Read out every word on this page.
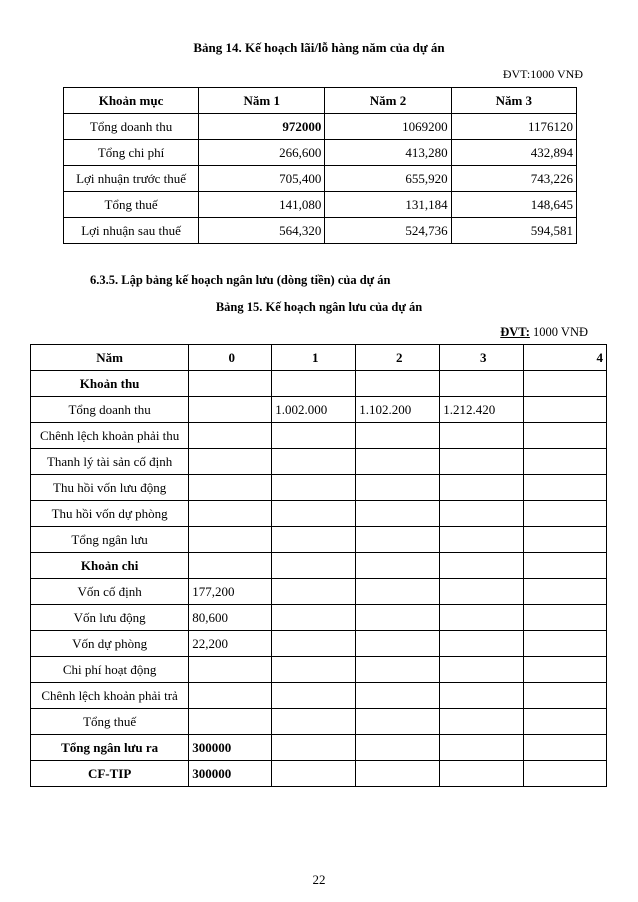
Bảng 14. Kế hoạch lãi/lỗ hàng năm của dự án
ĐVT:1000 VNĐ
Khoản mục	Năm 1	Năm 2	Năm 3
Tổng doanh thu	972000	1069200	1176120
Tổng chi phí	266,600	413,280	432,894
Lợi nhuận trước thuế	705,400	655,920	743,226
Tổng thuế	141,080	131,184	148,645
Lợi nhuận sau thuế	564,320	524,736	594,581
6.3.5. Lập bảng kế hoạch ngân lưu (dòng tiền) của dự án
Bảng 15. Kế hoạch ngân lưu của dự án
ĐVT: 1000 VNĐ
Năm	0	1	2	3	4
Khoản thu					
Tổng doanh thu		1.002.000	1.102.200	1.212.420	
Chênh lệch khoản phải thu					
Thanh lý tài sản cố định					
Thu hồi vốn lưu động					
Thu hồi vốn dự phòng					
Tổng ngân lưu					
Khoản chi					
Vốn cố định	177,200				
Vốn lưu động	80,600				
Vốn dự phòng	22,200				
Chi phí hoạt động					
Chênh lệch khoản phải trả					
Tổng thuế					
Tổng ngân lưu ra	300000				
CF-TIP	300000				
22
